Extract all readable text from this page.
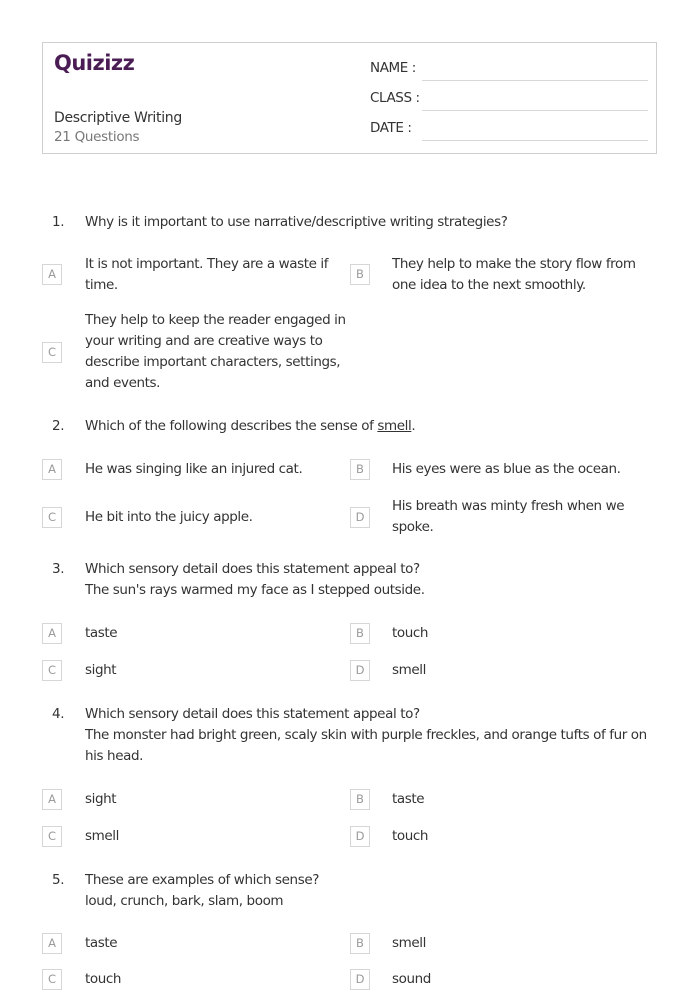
Quizizz
Descriptive Writing
21 Questions
NAME :
CLASS :
DATE :
1. Why is it important to use narrative/descriptive writing strategies?
A
It is not important. They are a waste if time.
B
They help to make the story flow from one idea to the next smoothly.
C
They help to keep the reader engaged in your writing and are creative ways to describe important characters, settings, and events.
2. Which of the following describes the sense of smell.
A	He was singing like an injured cat.	B	His eyes were as blue as the ocean.
C	He bit into the juicy apple.	D
His breath was minty fresh when we spoke.
3. Which sensory detail does this statement appeal to?
The sun's rays warmed my face as I stepped outside.
A	taste	B	touch
C	sight	D	smell
4. Which sensory detail does this statement appeal to?
The monster had bright green, scaly skin with purple freckles, and orange tufts of fur on his head.
A	sight	B	taste
C	smell	D	touch
5. These are examples of which sense?
loud, crunch, bark, slam, boom
A	taste	B	smell
C	touch	D	sound
